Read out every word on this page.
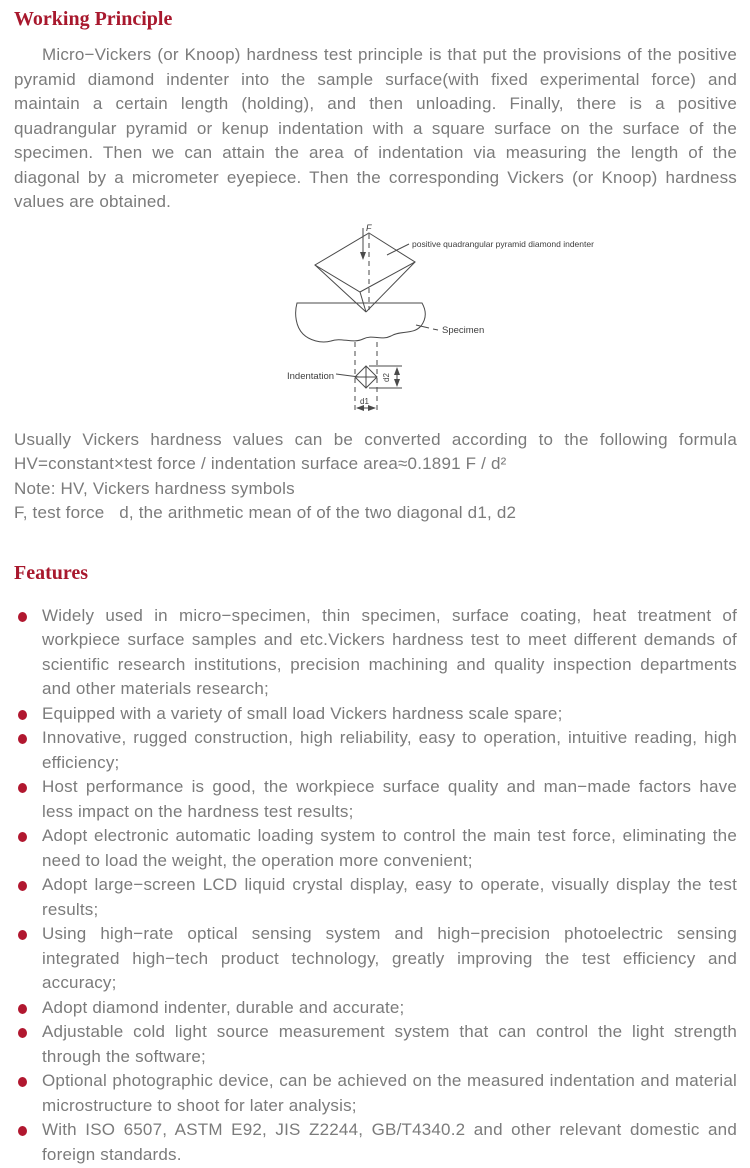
Working Principle

Micro−Vickers (or Knoop) hardness test principle is that put the provisions of the positive pyramid diamond indenter into the sample surface(with fixed experimental force) and maintain a certain length (holding), and then unloading. Finally, there is a positive quadrangular pyramid or kenup indentation with a square surface on the surface of the specimen. Then we can attain the area of indentation via measuring the length of the diagonal by a micrometer eyepiece. Then the corresponding Vickers (or Knoop) hardness values are obtained.

F
positive quadrangular pyramid diamond indenter
Specimen
Indentation	d2
d1
Usually Vickers hardness values can be converted according to the following formula
HV=constant×test force / indentation surface area≈0.1891 F / d²
Note: HV, Vickers hardness symbols
F, test force   d, the arithmetic mean of of the two diagonal d1, d2
Features
Widely used in micro−specimen, thin specimen, surface coating, heat treatment of workpiece surface samples and etc.Vickers hardness test to meet different demands of scientific research institutions, precision machining and quality inspection departments and other materials research;
Equipped with a variety of small load Vickers hardness scale spare;
Innovative, rugged construction, high reliability, easy to operation, intuitive reading, high efficiency;
Host performance is good, the workpiece surface quality and man−made factors have less impact on the hardness test results;
Adopt electronic automatic loading system to control the main test force, eliminating the need to load the weight, the operation more convenient;
Adopt large−screen LCD liquid crystal display, easy to operate, visually display the test results;
Using high−rate optical sensing system and high−precision photoelectric sensing integrated high−tech product technology, greatly improving the test efficiency and accuracy;
Adopt diamond indenter, durable and accurate;
Adjustable cold light source measurement system that can control the light strength through the software;
Optional photographic device, can be achieved on the measured indentation and material microstructure to shoot for later analysis;
With ISO 6507, ASTM E92, JIS Z2244, GB/T4340.2 and other relevant domestic and foreign standards.
